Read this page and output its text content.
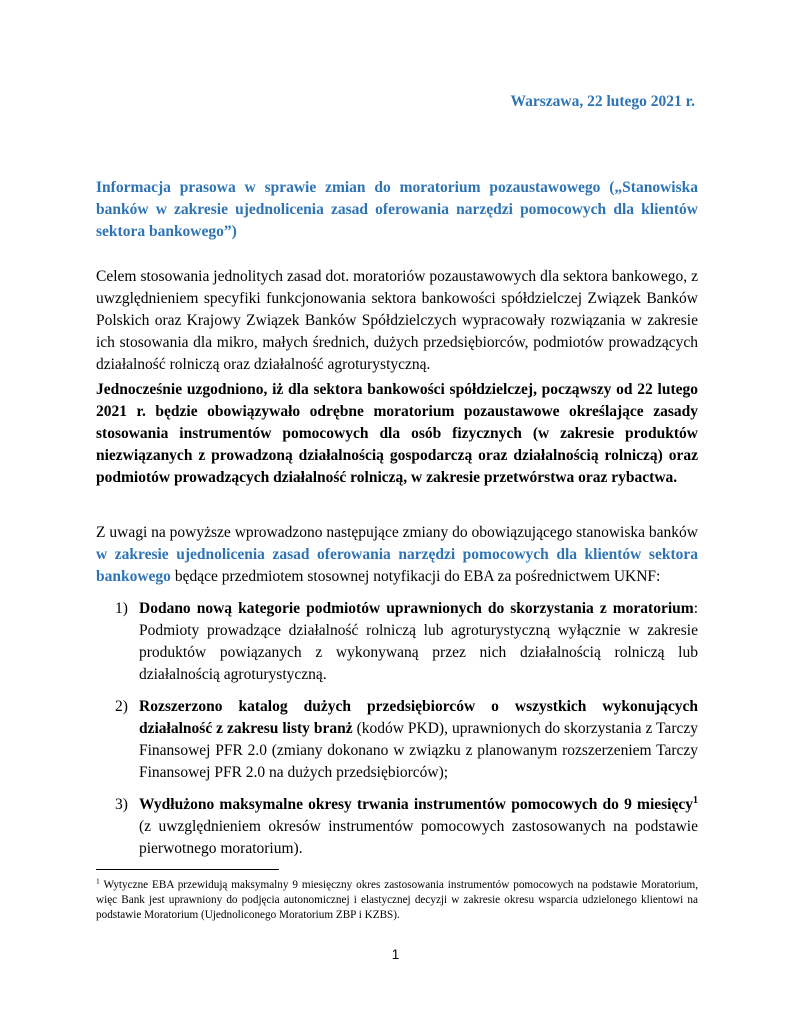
Warszawa, 22 lutego 2021 r.
Informacja prasowa w sprawie zmian do moratorium pozaustawowego („Stanowiska banków w zakresie ujednolicenia zasad oferowania narzędzi pomocowych dla klientów sektora bankowego”)
Celem stosowania jednolitych zasad dot. moratoriów pozaustawowych dla sektora bankowego, z uwzględnieniem specyfiki funkcjonowania sektora bankowości spółdzielczej Związek Banków Polskich oraz Krajowy Związek Banków Spółdzielczych wypracowały rozwiązania w zakresie ich stosowania dla mikro, małych średnich, dużych przedsiębiorców, podmiotów prowadzących działalność rolniczą oraz działalność agroturystyczną.
Jednocześnie uzgodniono, iż dla sektora bankowości spółdzielczej, począwszy od 22 lutego 2021 r. będzie obowiązywało odrębne moratorium pozaustawowe określające zasady stosowania instrumentów pomocowych dla osób fizycznych (w zakresie produktów niezwiązanych z prowadzoną działalnością gospodarczą oraz działalnością rolniczą) oraz podmiotów prowadzących działalność rolniczą, w zakresie przetwórstwa oraz rybactwa.
Z uwagi na powyższe wprowadzono następujące zmiany do obowiązującego stanowiska banków w zakresie ujednolicenia zasad oferowania narzędzi pomocowych dla klientów sektora bankowego będące przedmiotem stosownej notyfikacji do EBA za pośrednictwem UKNF:
1) Dodano nową kategorie podmiotów uprawnionych do skorzystania z moratorium: Podmioty prowadzące działalność rolniczą lub agroturystyczną wyłącznie w zakresie produktów powiązanych z wykonywaną przez nich działalnością rolniczą lub działalnością agroturystyczną.
2) Rozszerzono katalog dużych przedsiębiorców o wszystkich wykonujących działalność z zakresu listy branż (kodów PKD), uprawnionych do skorzystania z Tarczy Finansowej PFR 2.0 (zmiany dokonano w związku z planowanym rozszerzeniem Tarczy Finansowej PFR 2.0 na dużych przedsiębiorców);
3) Wydłużono maksymalne okresy trwania instrumentów pomocowych do 9 miesięcy$^1$ (z uwzględnieniem okresów instrumentów pomocowych zastosowanych na podstawie pierwotnego moratorium).
$^1$ Wytyczne EBA przewidują maksymalny 9 miesięczny okres zastosowania instrumentów pomocowych na podstawie Moratorium, więc Bank jest uprawniony do podjęcia autonomicznej i elastycznej decyzji w zakresie okresu wsparcia udzielonego klientowi na podstawie Moratorium (Ujednoliconego Moratorium ZBP i KZBS).
1
